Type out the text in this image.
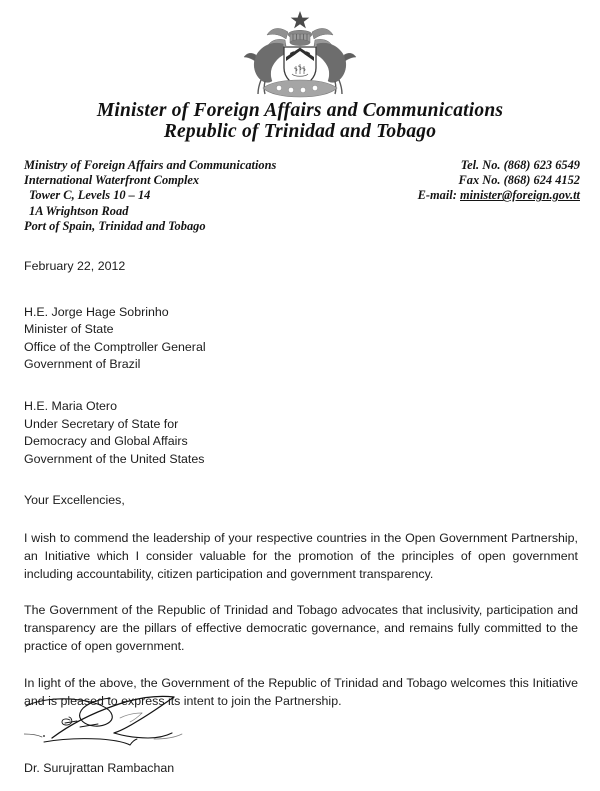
Minister of Foreign Affairs and Communications
Republic of Trinidad and Tobago
Ministry of Foreign Affairs and Communications
International Waterfront Complex
Tower C, Levels 10 – 14
1A Wrightson Road
Port of Spain, Trinidad and Tobago
Tel. No. (868) 623 6549
Fax No. (868) 624 4152
E-mail: minister@foreign.gov.tt
February 22, 2012
H.E. Jorge Hage Sobrinho
Minister of State
Office of the Comptroller General
Government of Brazil
H.E. Maria Otero
Under Secretary of State for
Democracy and Global Affairs
Government of the United States
Your Excellencies,

I wish to commend the leadership of your respective countries in the Open Government Partnership, an Initiative which I consider valuable for the promotion of the principles of open government including accountability, citizen participation and government transparency.

The Government of the Republic of Trinidad and Tobago advocates that inclusivity, participation and transparency are the pillars of effective democratic governance, and remains fully committed to the practice of open government.

In light of the above, the Government of the Republic of Trinidad and Tobago welcomes this Initiative and is pleased to express its intent to join the Partnership.

Dr. Surujrattan Rambachan
